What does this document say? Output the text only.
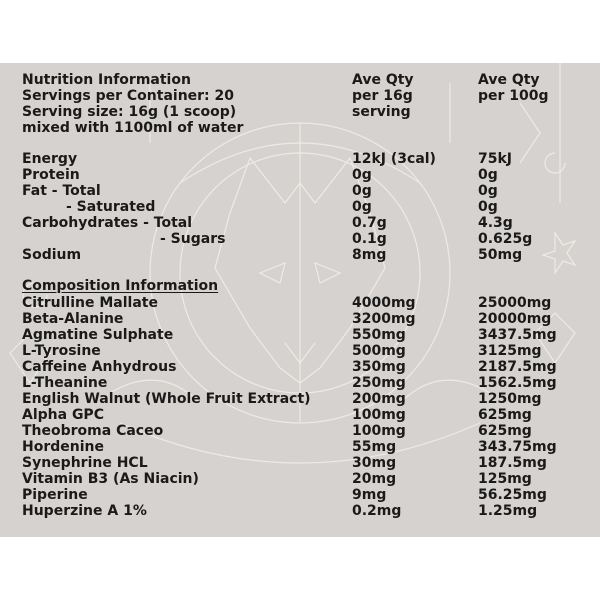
Nutrition Information	Ave Qty	Ave Qty
Servings per Container: 20	per 16g	per 100g
Serving size: 16g (1 scoop)	serving
mixed with 1100ml of water
Energy	12kJ (3cal)	75kJ
Protein	0g	0g
Fat - Total	0g	0g
- Saturated	0g	0g
Carbohydrates - Total	0.7g	4.3g
- Sugars	0.1g	0.625g
Sodium	8mg	50mg
Composition Information
Citrulline Mallate	4000mg	25000mg
Beta-Alanine	3200mg	20000mg
Agmatine Sulphate	550mg	3437.5mg
L-Tyrosine	500mg	3125mg
Caffeine Anhydrous	350mg	2187.5mg
L-Theanine	250mg	1562.5mg
English Walnut (Whole Fruit Extract)	200mg	1250mg
Alpha GPC	100mg	625mg
Theobroma Caceo	100mg	625mg
Hordenine	55mg	343.75mg
Synephrine HCL	30mg	187.5mg
Vitamin B3 (As Niacin)	20mg	125mg
Piperine	9mg	56.25mg
Huperzine A 1%	0.2mg	1.25mg
